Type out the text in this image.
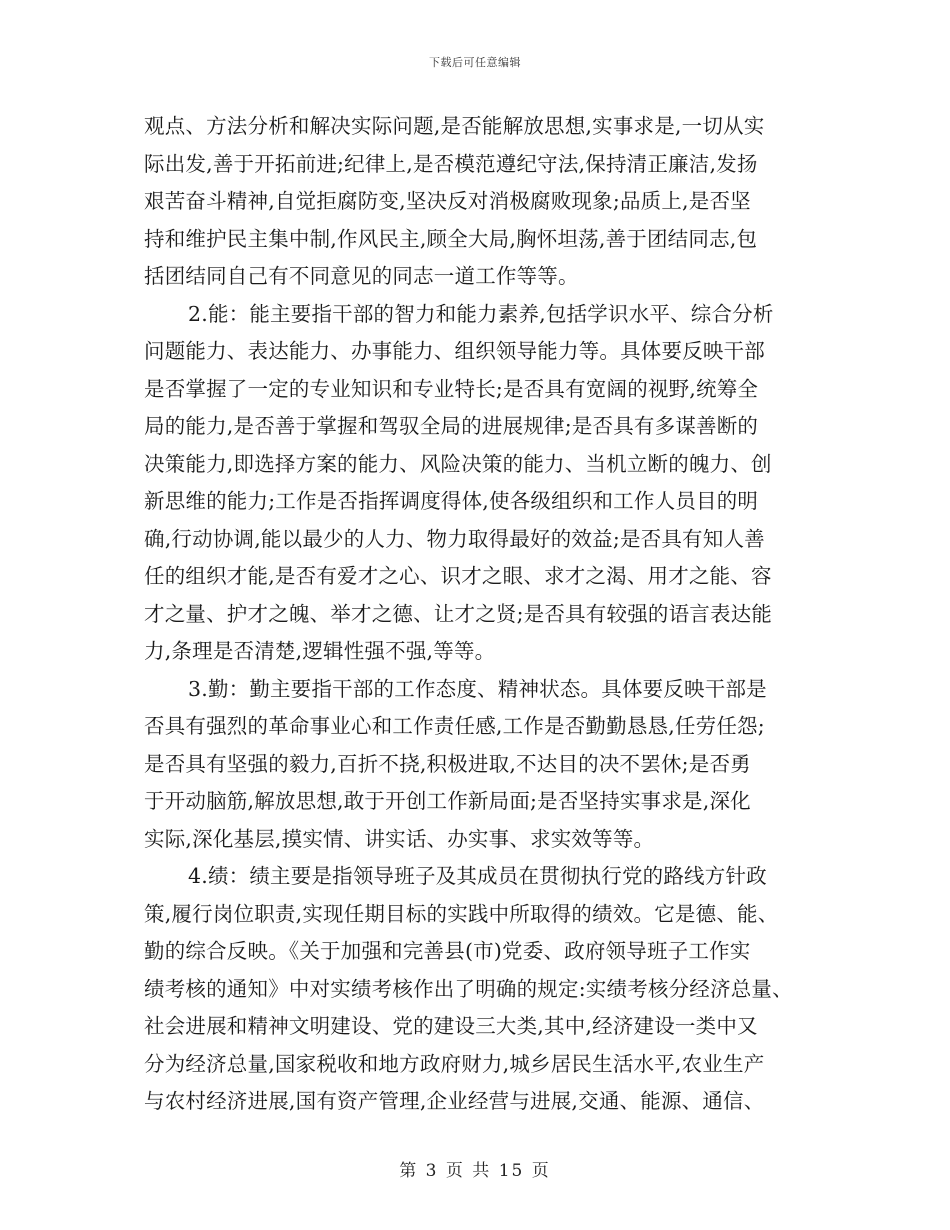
下载后可任意编辑
观点、方法分析和解决实际问题,是否能解放思想,实事求是,一切从实
际出发,善于开拓前进;纪律上,是否模范遵纪守法,保持清正廉洁,发扬
艰苦奋斗精神,自觉拒腐防变,坚决反对消极腐败现象;品质上,是否坚
持和维护民主集中制,作风民主,顾全大局,胸怀坦荡,善于团结同志,包
括团结同自己有不同意见的同志一道工作等等。
2.能：能主要指干部的智力和能力素养,包括学识水平、综合分析
问题能力、表达能力、办事能力、组织领导能力等。具体要反映干部
是否掌握了一定的专业知识和专业特长;是否具有宽阔的视野,统筹全
局的能力,是否善于掌握和驾驭全局的进展规律;是否具有多谋善断的
决策能力,即选择方案的能力、风险决策的能力、当机立断的魄力、创
新思维的能力;工作是否指挥调度得体,使各级组织和工作人员目的明
确,行动协调,能以最少的人力、物力取得最好的效益;是否具有知人善
任的组织才能,是否有爱才之心、识才之眼、求才之渴、用才之能、容
才之量、护才之魄、举才之德、让才之贤;是否具有较强的语言表达能
力,条理是否清楚,逻辑性强不强,等等。
3.勤：勤主要指干部的工作态度、精神状态。具体要反映干部是
否具有强烈的革命事业心和工作责任感,工作是否勤勤恳恳,任劳任怨;
是否具有坚强的毅力,百折不挠,积极进取,不达目的决不罢休;是否勇
于开动脑筋,解放思想,敢于开创工作新局面;是否坚持实事求是,深化
实际,深化基层,摸实情、讲实话、办实事、求实效等等。
4.绩：绩主要是指领导班子及其成员在贯彻执行党的路线方针政
策,履行岗位职责,实现任期目标的实践中所取得的绩效。它是德、能、
勤的综合反映。《关于加强和完善县(市)党委、政府领导班子工作实
绩考核的通知》中对实绩考核作出了明确的规定:实绩考核分经济总量、
社会进展和精神文明建设、党的建设三大类,其中,经济建设一类中又
分为经济总量,国家税收和地方政府财力,城乡居民生活水平,农业生产
与农村经济进展,国有资产管理,企业经营与进展,交通、能源、通信、
第 3 页 共 15 页
